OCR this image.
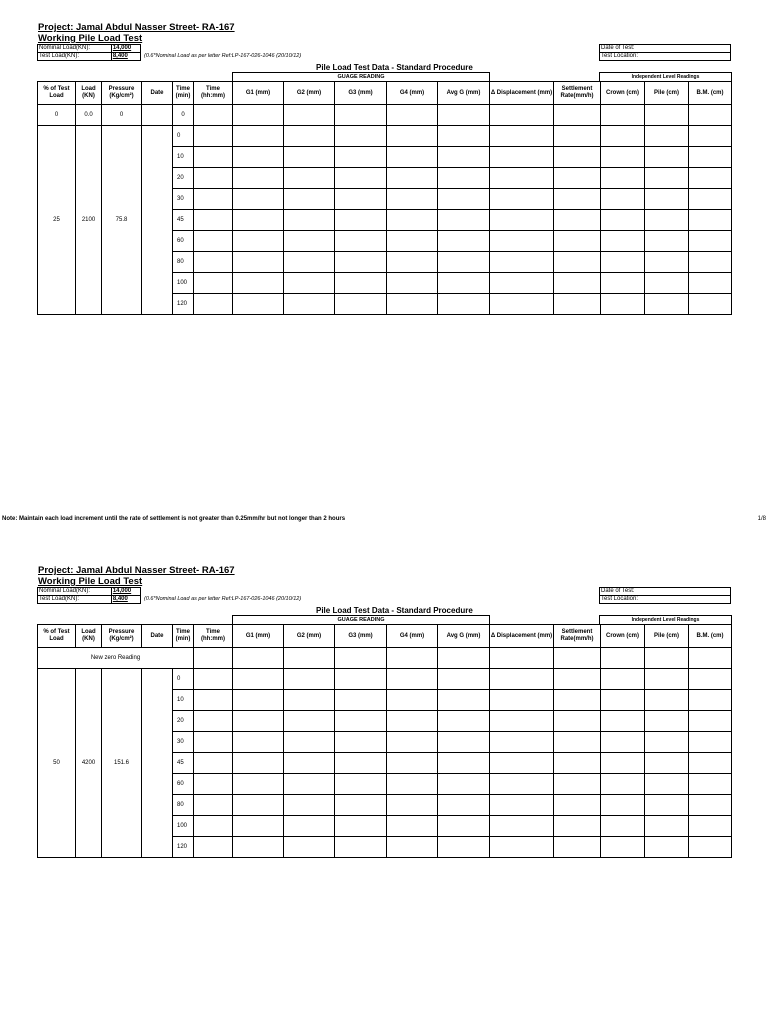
Project: Jamal Abdul Nasser Street- RA-167
Working Pile Load Test
Nominal Load(KN):	14,000
Test Load(KN):	8,400	(0.6*Nominal Load as per letter Ref:LP-167-026-1046 (20/10/12)
Date of Test:
Test Location:
Pile Load Test Data - Standard Procedure
GUAGE READING	Independent Level Readings
% of Test Load	Load (KN)	Pressure (Kg/cm²)	Date	Time (min)	Time (hh:mm)	G1 (mm)	G2 (mm)	G3 (mm)	G4 (mm)	Avg G (mm)	Δ Displacement (mm)	Settlement Rate(mm/h)	Crown (cm)	Pile (cm)	B.M. (cm)
0	0.0	0		0											
25	2100	75.8		0											
				10											
				20											
				30											
				45											
				60											
				80											
				100											
				120											
Note: Maintain each load increment until the rate of settlement is not greater than 0.25mm/hr but not longer than 2 hours	1/8
Project: Jamal Abdul Nasser Street- RA-167
Working Pile Load Test
Nominal Load(KN):	14,000
Test Load(KN):	8,400	(0.6*Nominal Load as per letter Ref:LP-167-026-1046 (20/10/12)
Date of Test:
Test Location:
Pile Load Test Data - Standard Procedure
GUAGE READING	Independent Level Readings
% of Test Load	Load (KN)	Pressure (Kg/cm²)	Date	Time (min)	Time (hh:mm)	G1 (mm)	G2 (mm)	G3 (mm)	G4 (mm)	Avg G (mm)	Δ Displacement (mm)	Settlement Rate(mm/h)	Crown (cm)	Pile (cm)	B.M. (cm)
New zero Reading															
50	4200	151.6		0											
				10											
				20											
				30											
				45											
				60											
				80											
				100											
				120											
